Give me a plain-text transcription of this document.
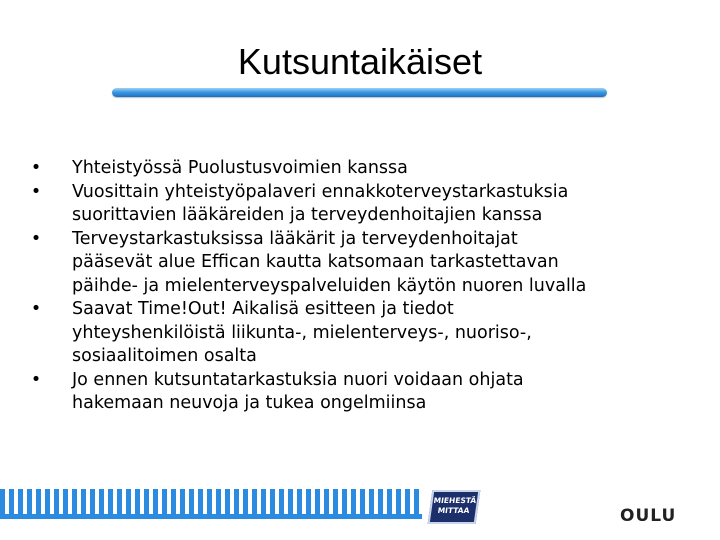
Kutsuntaikäiset
• Yhteistyössä Puolustusvoimien kanssa
• Vuosittain yhteistyöpalaveri ennakkoterveystarkastuksia
suorittavien lääkäreiden ja terveydenhoitajien kanssa
• Terveystarkastuksissa lääkärit ja terveydenhoitajat
pääsevät alue Effican kautta katsomaan tarkastettavan
päihde- ja mielenterveyspalveluiden käytön nuoren luvalla
• Saavat Time!Out! Aikalisä esitteen ja tiedot
yhteyshenkilöistä liikunta-, mielenterveys-, nuoriso-,
sosiaalitoimen osalta
• Jo ennen kutsuntatarkastuksia nuori voidaan ohjata
hakemaan neuvoja ja tukea ongelmiinsa
MIEHESTÄ
MITTAA	OULU
